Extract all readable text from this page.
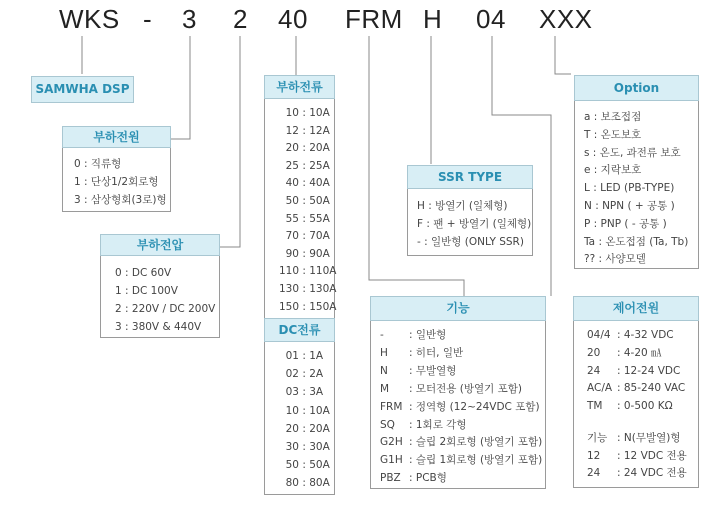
WKS - 3 2 40 FRM H 04 XXX
SAMWHA DSP
부하전원
0 : 직류형
1 : 단상1/2회로형
3 : 삼상형회(3로)형
부하전압
0 : DC 60V
1 : DC 100V
2 : 220V / DC 200V
3 : 380V & 440V
부하전류
10 : 10A
12 : 12A
20 : 20A
25 : 25A
40 : 40A
50 : 50A
55 : 55A
70 : 70A
90 : 90A
110 : 110A
130 : 130A
150 : 150A
DC전류
01 : 1A
02 : 2A
03 : 3A
10 : 10A
20 : 20A
30 : 30A
50 : 50A
80 : 80A
SSR TYPE
H : 방열기 (일체형)
F : 팬 + 방열기 (일체형)
- : 일반형 (ONLY SSR)
기능
- : 일반형
H : 히터, 일반
N : 무발열형
M : 모터전용 (방열기 포함)
FRM : 정역형 (12~24VDC 포함)
SQ : 1회로 각형
G2H : 슬립 2회로형 (방열기 포함)
G1H : 슬립 1회로형 (방열기 포함)
PBZ : PCB형
Option
a : 보조접점
T : 온도보호
s : 온도, 과전류 보호
e : 지락보호
L : LED (PB-TYPE)
N : NPN ( + 공통 )
P : PNP ( - 공통 )
Ta : 온도접점 (Ta, Tb)
?? : 사양모델
제어전원
04/4 : 4-32 VDC
20 : 4-20 ㎃
24 : 12-24 VDC
AC/A : 85-240 VAC
TM : 0-500 KΩ
기능 : N(무발열)형
12 : 12 VDC 전용
24 : 24 VDC 전용
